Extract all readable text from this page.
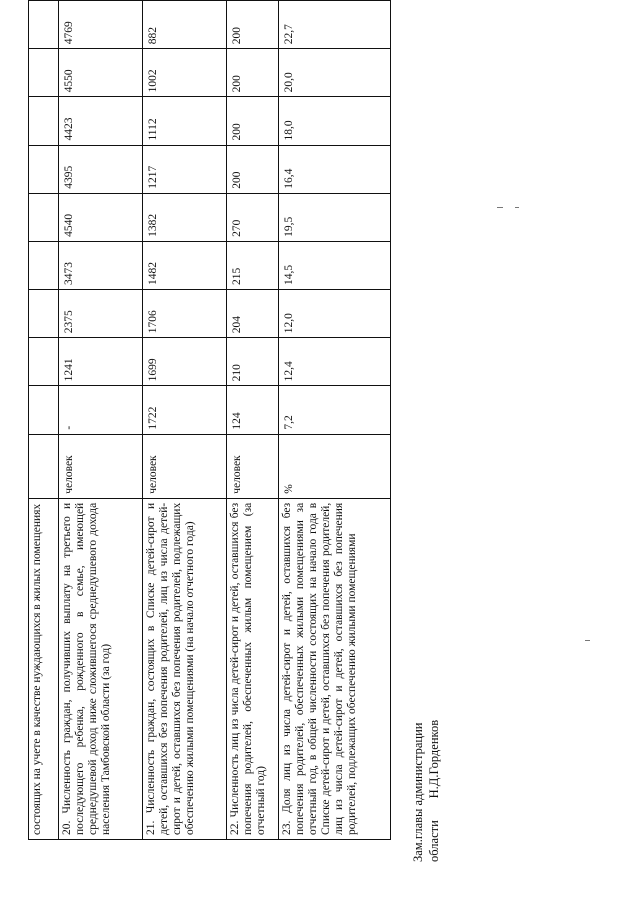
состоящих на учете в качестве нуждающихся в жилых помещениях										
20. Численность граждан, получивших выплату на третьего и последующего ребенка, рожденного в семье, имеющей среднедушевой доход ниже сложившегося среднедушевого дохода населения Тамбовской области (за год)	человек	-	1241	2375	3473	4540	4395	4423	4550	4769
21. Численность граждан, состоящих в Списке детей-сирот и детей, оставшихся без попечения родителей, лиц из числа детей-сирот и детей, оставшихся без попечения родителей, подлежащих обеспечению жилыми помещениями (на начало отчетного года)	человек	1722	1699	1706	1482	1382	1217	1112	1002	882
22. Численность лиц из числа детей-сирот и детей, оставшихся без попечения родителей, обеспеченных жилым помещением (за отчетный год)	человек	124	210	204	215	270	200	200	200	200
23. Доля лиц из числа детей-сирот и детей, оставшихся без попечения родителей, обеспеченных жилыми помещениями за отчетный год, в общей численности состоящих на начало года в Списке детей-сирот и детей, оставшихся без попечения родителей, лиц из числа детей-сирот и детей, оставшихся без попечения родителей, подлежащих обеспечению жилыми помещениями	%	7,2	12,4	12,0	14,5	19,5	16,4	18,0	20,0	22,7
Зам.главы администрации области       Н.Д.Горденков
